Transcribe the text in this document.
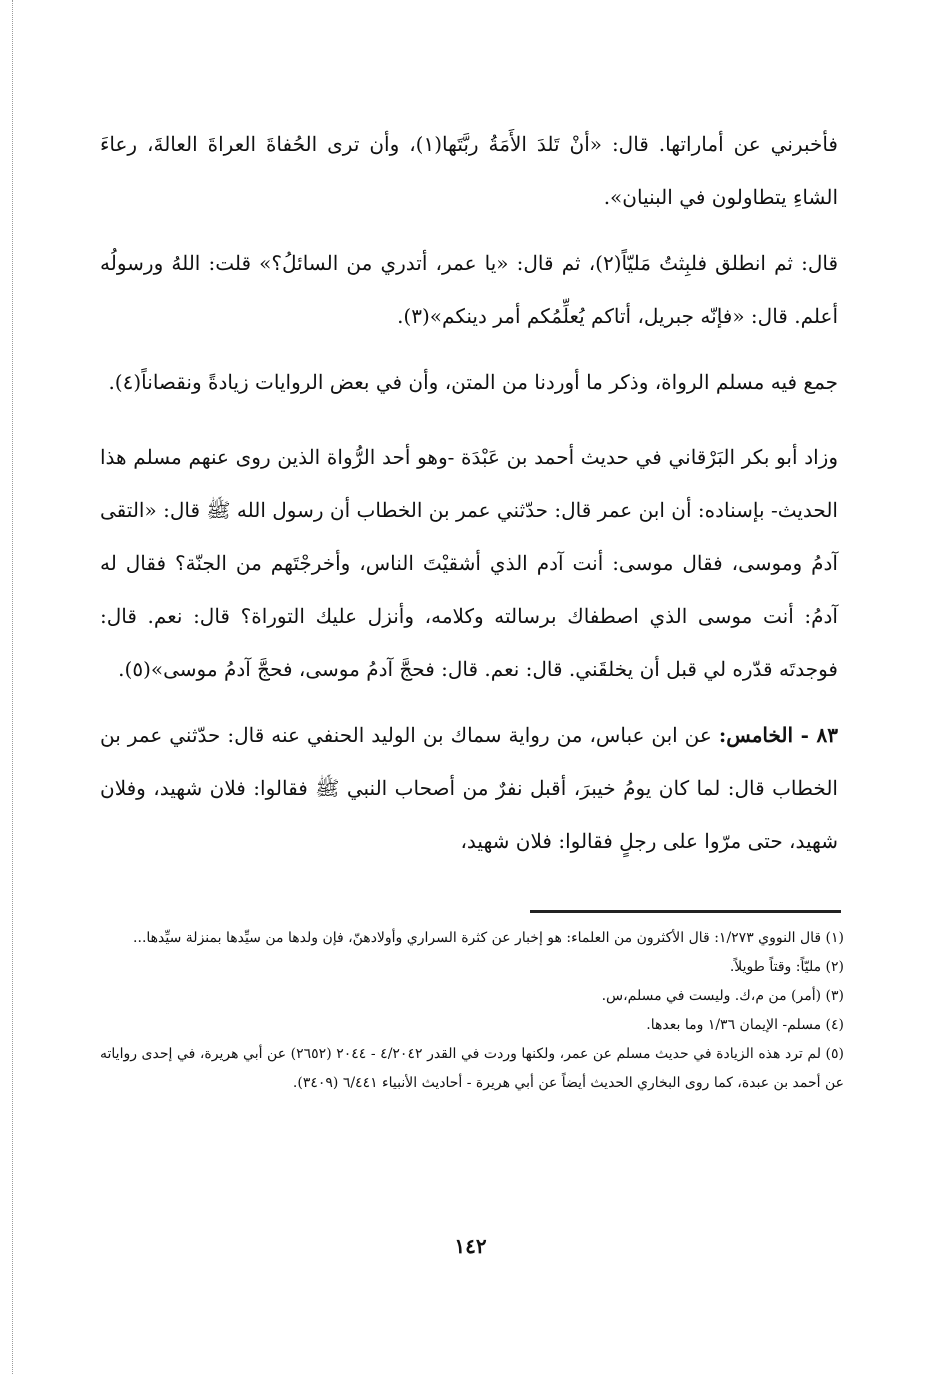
فأخبرني عن أماراتها. قال: «أنْ تَلدَ الأَمَةُ ربَّتَها(١)، وأن ترى الحُفاةَ العراةَ العالةَ، رعاءَ الشاءِ يتطاولون في البنيان».

قال: ثم انطلق فلبِثتُ مَليّاً(٢)، ثم قال: «يا عمر، أتدري من السائلُ؟» قلت: اللهُ ورسولُه أعلم. قال: «فإنّه جبريل، أتاكم يُعلِّمُكم أمر دينكم»(٣).

جمع فيه مسلم الرواة، وذكر ما أوردنا من المتن، وأن في بعض الروايات زيادةً ونقصاناً(٤).

وزاد أبو بكر البَرْقاني في حديث أحمد بن عَبْدَة -وهو أحد الرُّواة الذين روى عنهم مسلم هذا الحديث- بإسناده: أن ابن عمر قال: حدّثني عمر بن الخطاب أن رسول الله ﷺ قال: «التقى آدمُ وموسى، فقال موسى: أنت آدم الذي أشقيْتَ الناس، وأخرجْتَهم من الجنّة؟ فقال له آدمُ: أنت موسى الذي اصطفاك برسالته وكلامه، وأنزل عليك التوراة؟ قال: نعم. قال: فوجدتَه قدّره لي قبل أن يخلقَني. قال: نعم. قال: فحجَّ آدمُ موسى، فحجَّ آدمُ موسى»(٥).

٨٣ - الخامس: عن ابن عباس، من رواية سماك بن الوليد الحنفي عنه قال: حدّثني عمر بن الخطاب قال: لما كان يومُ خيبرَ، أقبل نفرٌ من أصحاب النبي ﷺ فقالوا: فلان شهيد، وفلان شهيد، حتى مرّوا على رجلٍ فقالوا: فلان شهيد،

(١) قال النووي ١/٢٧٣: قال الأكثرون من العلماء: هو إخبار عن كثرة السراري وأولادهنّ، فإن ولدها من سيِّدها بمنزلة سيِّدها...

(٢) مليّاً: وقتاً طويلاً.

(٣) (أمر) من م،ك. وليست في مسلم،س.

(٤) مسلم- الإيمان ١/٣٦ وما بعدها.

(٥) لم ترد هذه الزيادة في حديث مسلم عن عمر، ولكنها وردت في القدر ٤/٢٠٤٢ - ٢٠٤٤ (٢٦٥٢) عن أبي هريرة، في إحدى رواياته عن أحمد بن عبدة، كما روى البخاري الحديث أيضاً عن أبي هريرة - أحاديث الأنبياء ٦/٤٤١ (٣٤٠٩).

١٤٢
